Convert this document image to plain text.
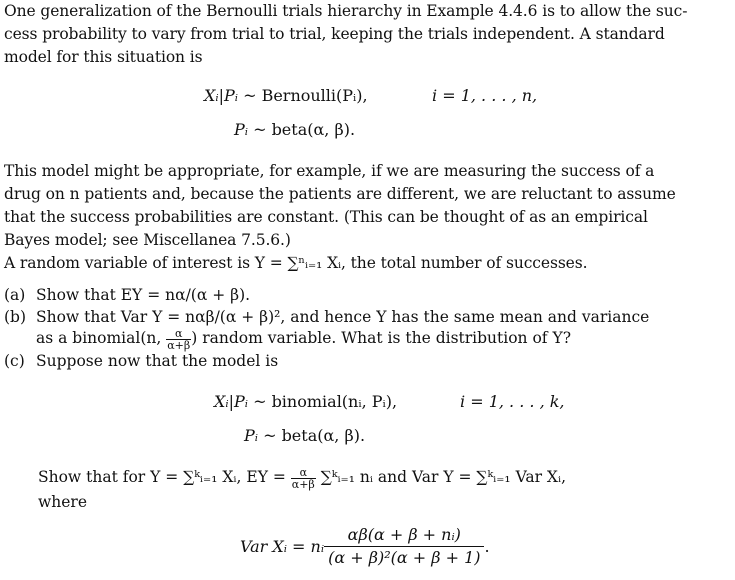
One generalization of the Bernoulli trials hierarchy in Example 4.4.6 is to allow the suc-
cess probability to vary from trial to trial, keeping the trials independent. A standard
model for this situation is
Xᵢ|Pᵢ ~ Bernoulli(Pᵢ),	i = 1, . . . , n,
Pᵢ ~ beta(α, β).
This model might be appropriate, for example, if we are measuring the success of a
drug on n patients and, because the patients are different, we are reluctant to assume
that the success probabilities are constant. (This can be thought of as an empirical
Bayes model; see Miscellanea 7.5.6.)
A random variable of interest is Y = ∑ⁿᵢ₌₁ Xᵢ, the total number of successes.
(a) Show that EY = nα/(α + β).
(b) Show that Var Y = nαβ/(α + β)², and hence Y has the same mean and variance
as a binomial(n, $\frac{\alpha}{\alpha+\beta}$ ) random variable. What is the distribution of Y?
(c) Suppose now that the model is
Xᵢ|Pᵢ ~ binomial(nᵢ, Pᵢ),	i = 1, . . . , k,
Pᵢ ~ beta(α, β).
Show that for Y = ∑ᵏᵢ₌₁ Xᵢ, EY = $\frac{\alpha}{\alpha+\beta}$ ∑ᵏᵢ₌₁ nᵢ and Var Y = ∑ᵏᵢ₌₁ Var Xᵢ,
where
Var Xᵢ = nᵢ $\frac{\text{αβ(α + β + nᵢ)}}{\text{(α + β)²(α + β + 1)}}$ .
